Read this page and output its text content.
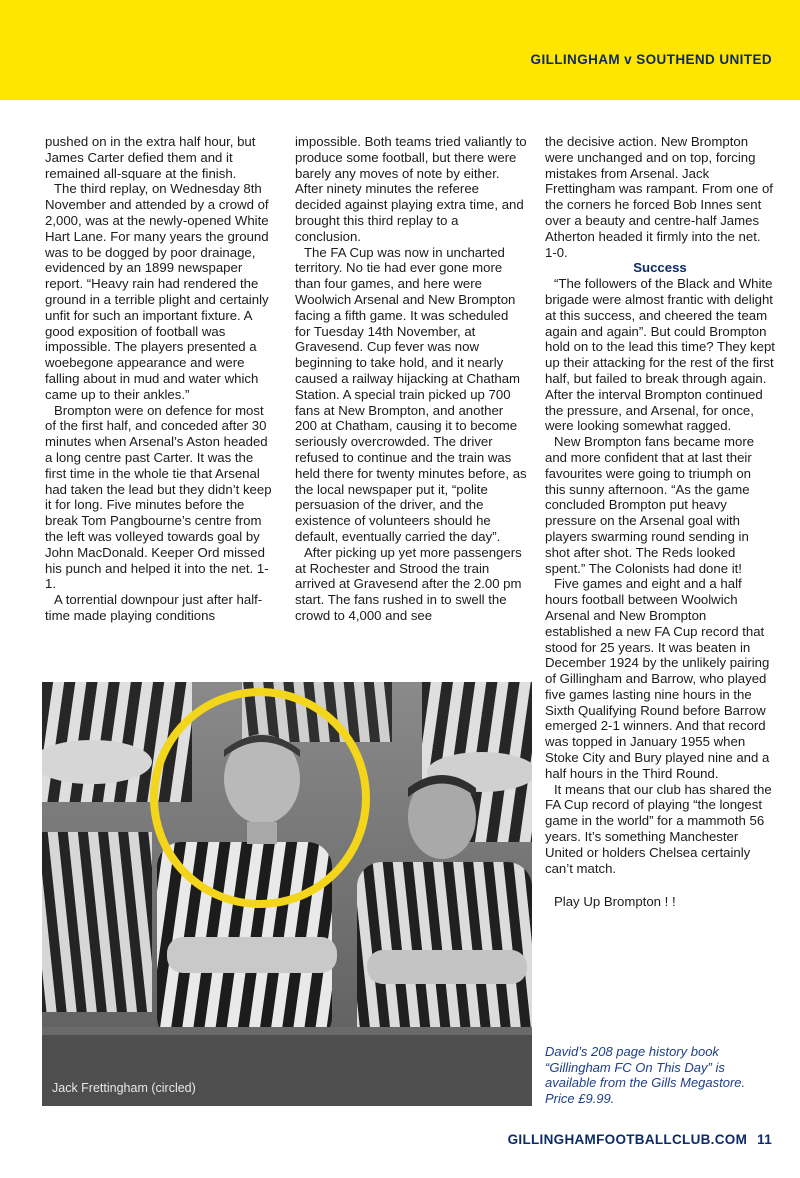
GILLINGHAM v SOUTHEND UNITED

pushed on in the extra half hour, but James Carter defied them and it remained all-square at the finish.

The third replay, on Wednesday 8th November and attended by a crowd of 2,000, was at the newly-opened White Hart Lane. For many years the ground was to be dogged by poor drainage, evidenced by an 1899 newspaper report. “Heavy rain had rendered the ground in a terrible plight and certainly unfit for such an important fixture. A good exposition of football was impossible. The players presented a woebegone appearance and were falling about in mud and water which came up to their ankles.”

Brompton were on defence for most of the first half, and conceded after 30 minutes when Arsenal’s Aston headed a long centre past Carter. It was the first time in the whole tie that Arsenal had taken the lead but they didn’t keep it for long. Five minutes before the break Tom Pangbourne’s centre from the left was volleyed towards goal by John MacDonald. Keeper Ord missed his punch and helped it into the net. 1-1.

A torrential downpour just after half-time made playing conditions

impossible. Both teams tried valiantly to produce some football, but there were barely any moves of note by either. After ninety minutes the referee decided against playing extra time, and brought this third replay to a conclusion.

The FA Cup was now in uncharted territory. No tie had ever gone more than four games, and here were Woolwich Arsenal and New Brompton facing a fifth game. It was scheduled for Tuesday 14th November, at Gravesend. Cup fever was now beginning to take hold, and it nearly caused a railway hijacking at Chatham Station. A special train picked up 700 fans at New Brompton, and another 200 at Chatham, causing it to become seriously overcrowded. The driver refused to continue and the train was held there for twenty minutes before, as the local newspaper put it, “polite persuasion of the driver, and the existence of volunteers should he default, eventually carried the day”.

After picking up yet more passengers at Rochester and Strood the train arrived at Gravesend after the 2.00 pm start. The fans rushed in to swell the crowd to 4,000 and see

the decisive action. New Brompton were unchanged and on top, forcing mistakes from Arsenal. Jack Frettingham was rampant. From one of the corners he forced Bob Innes sent over a beauty and centre-half James Atherton headed it firmly into the net. 1-0.

Success

“The followers of the Black and White brigade were almost frantic with delight at this success, and cheered the team again and again”. But could Brompton hold on to the lead this time? They kept up their attacking for the rest of the first half, but failed to break through again. After the interval Brompton continued the pressure, and Arsenal, for once, were looking somewhat ragged.

New Brompton fans became more and more confident that at last their favourites were going to triumph on this sunny afternoon. “As the game concluded Brompton put heavy pressure on the Arsenal goal with players swarming round sending in shot after shot. The Reds looked spent.” The Colonists had done it!

Five games and eight and a half hours football between Woolwich Arsenal and New Brompton established a new FA Cup record that stood for 25 years. It was beaten in December 1924 by the unlikely pairing of Gillingham and Barrow, who played five games lasting nine hours in the Sixth Qualifying Round before Barrow emerged 2-1 winners. And that record was topped in January 1955 when Stoke City and Bury played nine and a half hours in the Third Round.

It means that our club has shared the FA Cup record of playing “the longest game in the world” for a mammoth 56 years. It’s something Manchester United or holders Chelsea certainly can’t match.

Play Up Brompton ! !

David’s 208 page history book “Gillingham FC On This Day” is available from the Gills Megastore. Price £9.99.
Jack Frettingham (circled)
GILLINGHAMFOOTBALLCLUB.COM 11
